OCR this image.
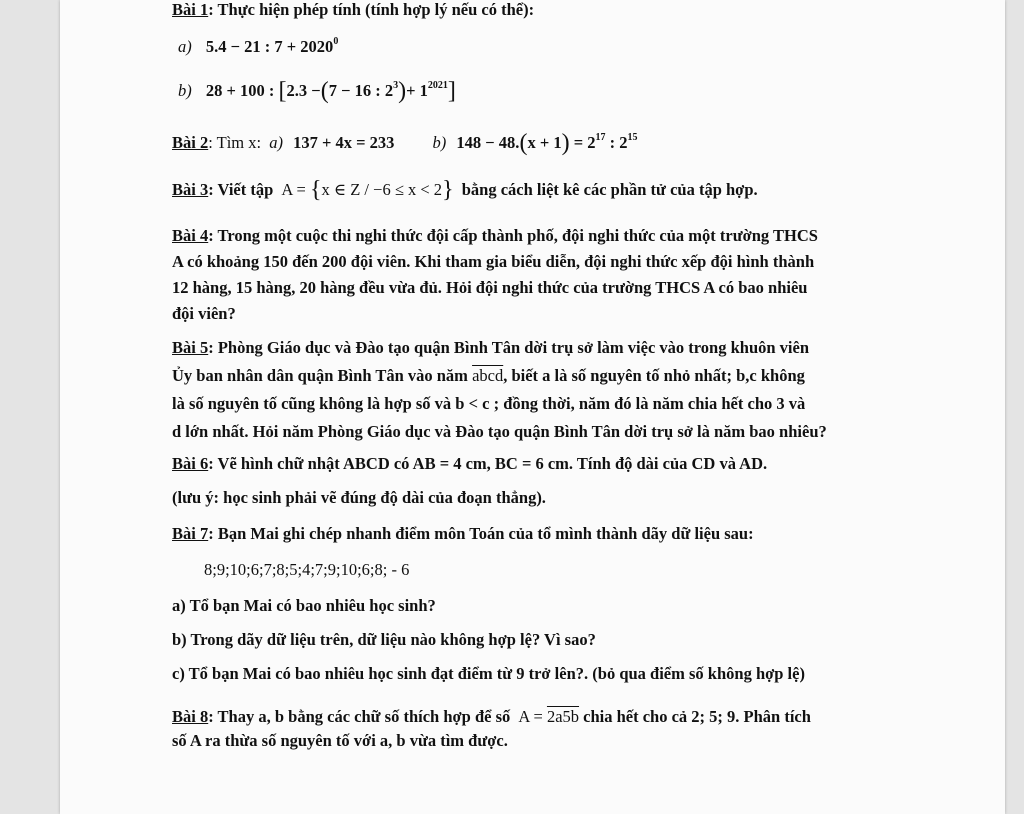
Bài 1: Thực hiện phép tính (tính hợp lý nếu có thể):
a) 5.4 − 21 : $7 + 2020^0$
b) 28 + 100 : [2.3 −(7 − 16 : $2^3)+ 1^{2021}$]
Bài 2: Tìm x: a) 137 + 4x = 233 b) $148 - 48.(x + 1) = 2^{17}$ : $2^{15}$
Bài 3: Viết tập A = {x ∈ Z / −6 ≤ x < 2} bằng cách liệt kê các phần tử của tập hợp.
Bài 4: Trong một cuộc thi nghi thức đội cấp thành phố, đội nghi thức của một trường THCS
A có khoảng 150 đến 200 đội viên. Khi tham gia biểu diễn, đội nghi thức xếp đội hình thành
12 hàng, 15 hàng, 20 hàng đều vừa đủ. Hỏi đội nghi thức của trường THCS A có bao nhiêu
đội viên?
Bài 5: Phòng Giáo dục và Đào tạo quận Bình Tân dời trụ sở làm việc vào trong khuôn viên
Ủy ban nhân dân quận Bình Tân vào năm abcd, biết a là số nguyên tố nhỏ nhất; b,c không
là số nguyên tố cũng không là hợp số và b < c ; đồng thời, năm đó là năm chia hết cho 3 và
d lớn nhất. Hỏi năm Phòng Giáo dục và Đào tạo quận Bình Tân dời trụ sở là năm bao nhiêu?
Bài 6: Vẽ hình chữ nhật ABCD có AB = 4 cm, BC = 6 cm. Tính độ dài của CD và AD.
(lưu ý: học sinh phải vẽ đúng độ dài của đoạn thẳng).
Bài 7: Bạn Mai ghi chép nhanh điểm môn Toán của tổ mình thành dãy dữ liệu sau:
8;9;10;6;7;8;5;4;7;9;10;6;8; - 6
a) Tổ bạn Mai có bao nhiêu học sinh?
b) Trong dãy dữ liệu trên, dữ liệu nào không hợp lệ? Vì sao?
c) Tổ bạn Mai có bao nhiêu học sinh đạt điểm từ 9 trở lên?. (bỏ qua điểm số không hợp lệ)
Bài 8: Thay a, b bằng các chữ số thích hợp để số A = 2a5b chia hết cho cả 2; 5; 9. Phân tích
số A ra thừa số nguyên tố với a, b vừa tìm được.
